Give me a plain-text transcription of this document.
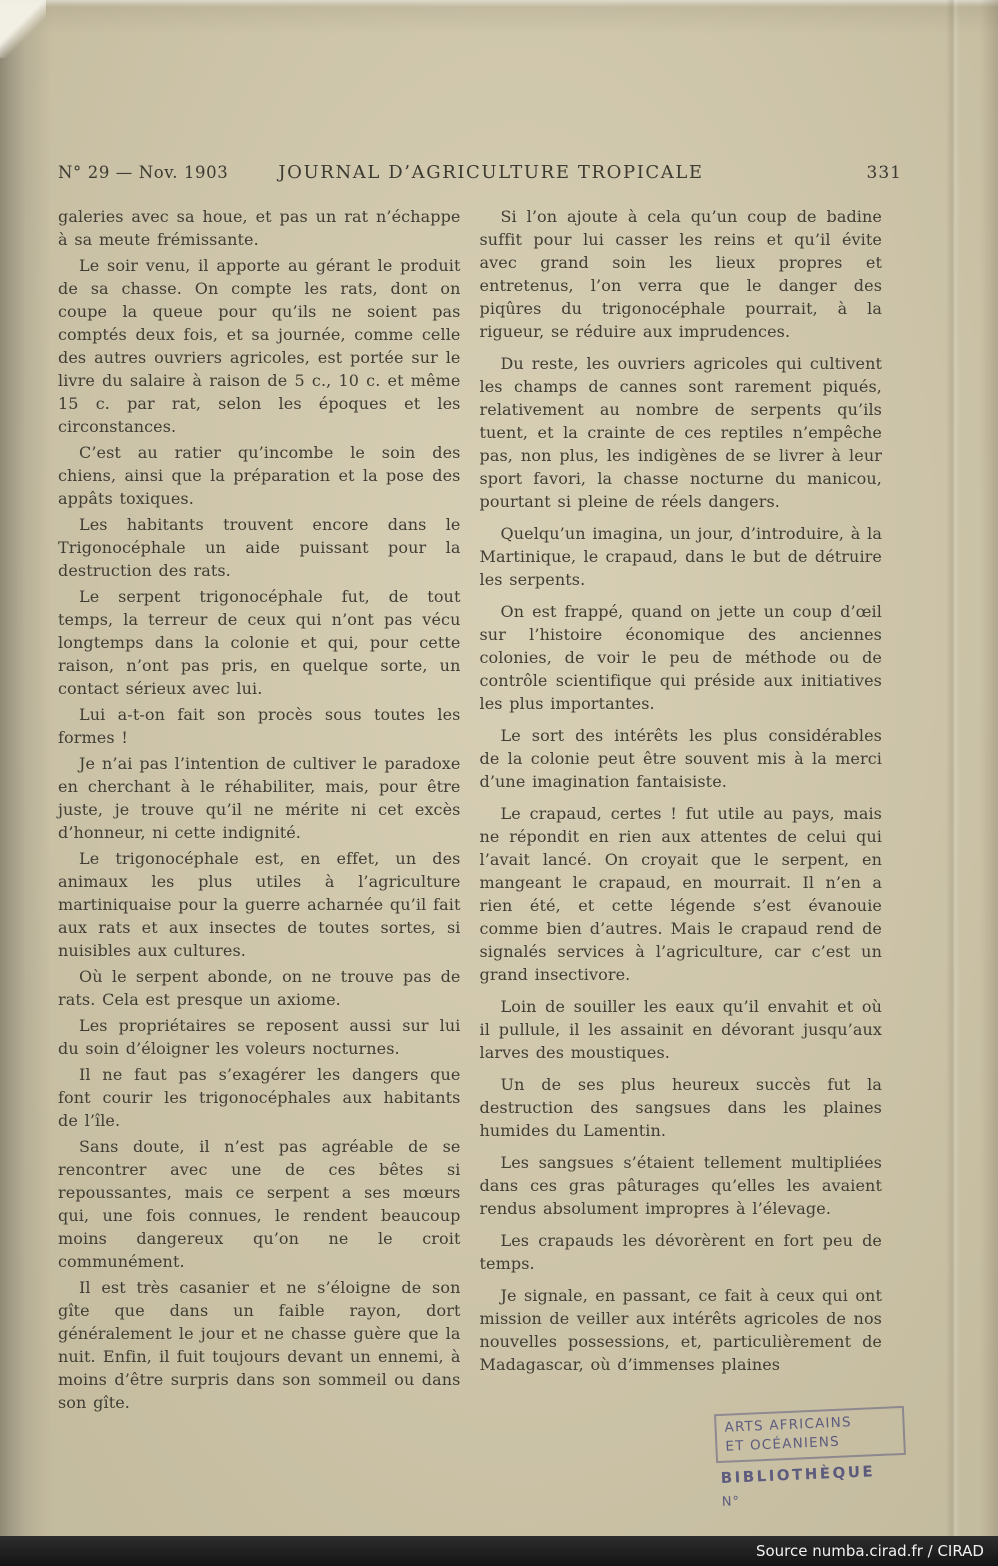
N° 29 — Nov. 1903	JOURNAL D’AGRICULTURE TROPICALE	331

galeries avec sa houe, et pas un rat n’échappe à sa meute frémissante.

Le soir venu, il apporte au gérant le produit de sa chasse. On compte les rats, dont on coupe la queue pour qu’ils ne soient pas comptés deux fois, et sa journée, comme celle des autres ouvriers agricoles, est portée sur le livre du salaire à raison de 5 c., 10 c. et même 15 c. par rat, selon les époques et les circonstances.

C’est au ratier qu’incombe le soin des chiens, ainsi que la préparation et la pose des appâts toxiques.

Les habitants trouvent encore dans le Trigonocéphale un aide puissant pour la destruction des rats.

Le serpent trigonocéphale fut, de tout temps, la terreur de ceux qui n’ont pas vécu longtemps dans la colonie et qui, pour cette raison, n’ont pas pris, en quelque sorte, un contact sérieux avec lui.

Lui a-t-on fait son procès sous toutes les formes !

Je n’ai pas l’intention de cultiver le paradoxe en cherchant à le réhabiliter, mais, pour être juste, je trouve qu’il ne mérite ni cet excès d’honneur, ni cette indignité.

Le trigonocéphale est, en effet, un des animaux les plus utiles à l’agriculture martiniquaise pour la guerre acharnée qu’il fait aux rats et aux insectes de toutes sortes, si nuisibles aux cultures.

Où le serpent abonde, on ne trouve pas de rats. Cela est presque un axiome.

Les propriétaires se reposent aussi sur lui du soin d’éloigner les voleurs nocturnes.

Il ne faut pas s’exagérer les dangers que font courir les trigonocéphales aux habitants de l’île.

Sans doute, il n’est pas agréable de se rencontrer avec une de ces bêtes si repoussantes, mais ce serpent a ses mœurs qui, une fois connues, le rendent beaucoup moins dangereux qu’on ne le croit communément.

Il est très casanier et ne s’éloigne de son gîte que dans un faible rayon, dort généralement le jour et ne chasse guère que la nuit. Enfin, il fuit toujours devant un ennemi, à moins d’être surpris dans son sommeil ou dans son gîte.

Si l’on ajoute à cela qu’un coup de badine suffit pour lui casser les reins et qu’il évite avec grand soin les lieux propres et entretenus, l’on verra que le danger des piqûres du trigonocéphale pourrait, à la rigueur, se réduire aux imprudences.

Du reste, les ouvriers agricoles qui cultivent les champs de cannes sont rarement piqués, relativement au nombre de serpents qu’ils tuent, et la crainte de ces reptiles n’empêche pas, non plus, les indigènes de se livrer à leur sport favori, la chasse nocturne du manicou, pourtant si pleine de réels dangers.

Quelqu’un imagina, un jour, d’introduire, à la Martinique, le crapaud, dans le but de détruire les serpents.

On est frappé, quand on jette un coup d’œil sur l’histoire économique des anciennes colonies, de voir le peu de méthode ou de contrôle scientifique qui préside aux initiatives les plus importantes.

Le sort des intérêts les plus considérables de la colonie peut être souvent mis à la merci d’une imagination fantaisiste.

Le crapaud, certes ! fut utile au pays, mais ne répondit en rien aux attentes de celui qui l’avait lancé. On croyait que le serpent, en mangeant le crapaud, en mourrait. Il n’en a rien été, et cette légende s’est évanouie comme bien d’autres. Mais le crapaud rend de signalés services à l’agriculture, car c’est un grand insectivore.

Loin de souiller les eaux qu’il envahit et où il pullule, il les assainit en dévorant jusqu’aux larves des moustiques.

Un de ses plus heureux succès fut la destruction des sangsues dans les plaines humides du Lamentin.

Les sangsues s’étaient tellement multipliées dans ces gras pâturages qu’elles les avaient rendus absolument impropres à l’élevage.

Les crapauds les dévorèrent en fort peu de temps.

Je signale, en passant, ce fait à ceux qui ont mission de veiller aux intérêts agricoles de nos nouvelles possessions, et, particulièrement de Madagascar, où d’immenses plaines

ARTS AFRICAINS
ET OCÉANIENS
BIBLIOTHÈQUE
N°
Source numba.cirad.fr / CIRAD
